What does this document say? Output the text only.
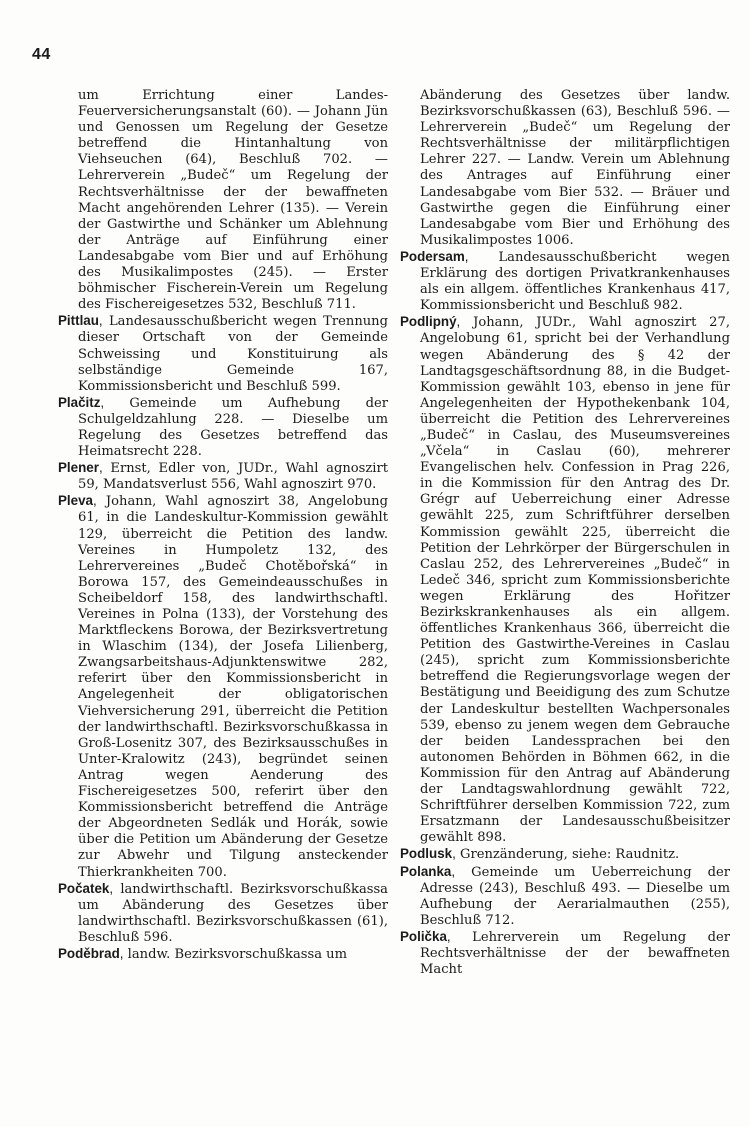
44

um Errichtung einer Landes-Feuerversicherungsanstalt (60). — Johann Jün und Genossen um Regelung der Gesetze betreffend die Hintanhaltung von Viehseuchen (64), Beschluß 702. — Lehrerverein „Budeč“ um Regelung der Rechtsverhältnisse der der bewaffneten Macht angehörenden Lehrer (135). — Verein der Gastwirthe und Schänker um Ablehnung der Anträge auf Einführung einer Landesabgabe vom Bier und auf Erhöhung des Musikalimpostes (245). — Erster böhmischer Fischerein-Verein um Regelung des Fischereigesetzes 532, Beschluß 711.

Pittlau , Landesausschußbericht wegen Trennung dieser Ortschaft von der Gemeinde Schweissing und Konstituirung als selbständige Gemeinde 167, Kommissionsbericht und Beschluß 599.

Plačitz , Gemeinde um Aufhebung der Schulgeldzahlung 228. — Dieselbe um Regelung des Gesetzes betreffend das Heimatsrecht 228.

Plener , Ernst, Edler von, JUDr., Wahl agnoszirt 59, Mandatsverlust 556, Wahl agnoszirt 970.

Pleva , Johann, Wahl agnoszirt 38, Angelobung 61, in die Landeskultur-Kommission gewählt 129, überreicht die Petition des landw. Vereines in Humpoletz 132, des Lehrervereines „Budeč Chotěbořská“ in Borowa 157, des Gemeindeausschußes in Scheibeldorf 158, des landwirthschaftl. Vereines in Polna (133), der Vorstehung des Marktfleckens Borowa, der Bezirksvertretung in Wlaschim (134), der Josefa Lilienberg, Zwangsarbeitshaus-Adjunktenswitwe 282, referirt über den Kommissionsbericht in Angelegenheit der obligatorischen Viehversicherung 291, überreicht die Petition der landwirthschaftl. Bezirksvorschußkassa in Groß-Losenitz 307, des Bezirksausschußes in Unter-Kralowitz (243), begründet seinen Antrag wegen Aenderung des Fischereigesetzes 500, referirt über den Kommissionsbericht betreffend die Anträge der Abgeordneten Sedlák und Horák, sowie über die Petition um Abänderung der Gesetze zur Abwehr und Tilgung ansteckender Thierkrankheiten 700.

Počatek , landwirthschaftl. Bezirksvorschußkassa um Abänderung des Gesetzes über landwirthschaftl. Bezirksvorschußkassen (61), Beschluß 596.

Poděbrad , landw. Bezirksvorschußkassa um

Abänderung des Gesetzes über landw. Bezirksvorschußkassen (63), Beschluß 596. — Lehrerverein „Budeč“ um Regelung der Rechtsverhältnisse der militärpflichtigen Lehrer 227. — Landw. Verein um Ablehnung des Antrages auf Einführung einer Landesabgabe vom Bier 532. — Bräuer und Gastwirthe gegen die Einführung einer Landesabgabe vom Bier und Erhöhung des Musikalimpostes 1006.

Podersam ,	Landesausschußbericht wegen Erklärung des dortigen Privatkrankenhauses als ein allgem. öffentliches Krankenhaus 417, Kommissionsbericht und Beschluß 982.

Podlipný , Johann, JUDr., Wahl agnoszirt 27, Angelobung 61, spricht bei der Verhandlung wegen Abänderung des § 42 der Landtagsgeschäftsordnung 88, in die Budget-Kommission gewählt 103, ebenso in jene für Angelegenheiten der Hypothekenbank 104, überreicht die Petition des Lehrervereines „Budeč“ in Caslau, des Museumsvereines „Včela“ in Caslau (60), mehrerer Evangelischen helv. Confession in Prag 226, in die Kommission für den Antrag des Dr. Grégr auf Ueberreichung einer Adresse gewählt 225, zum Schriftführer derselben Kommission gewählt 225, überreicht die Petition der Lehrkörper der Bürgerschulen in Caslau 252, des Lehrervereines „Budeč“ in Ledeč 346, spricht zum Kommissionsberichte wegen Erklärung des Hořitzer Bezirkskrankenhauses als ein allgem. öffentliches Krankenhaus 366, überreicht die Petition des Gastwirthe-Vereines in Caslau (245), spricht zum Kommissionsberichte betreffend die Regierungsvorlage wegen der Bestätigung und Beeidigung des zum Schutze der Landeskultur bestellten Wachpersonales 539, ebenso zu jenem wegen dem Gebrauche der beiden Landessprachen bei den autonomen Behörden in Böhmen 662, in die Kommission für den Antrag auf Abänderung der Landtagswahlordnung gewählt 722, Schriftführer derselben Kommission 722, zum Ersatzmann der Landesausschußbeisitzer gewählt 898.

Podlusk , Grenzänderung, siehe: Raudnitz.

Polanka , Gemeinde um Ueberreichung der Adresse (243), Beschluß 493. — Dieselbe um Aufhebung der Aerarialmauthen (255), Beschluß 712.

Polička , Lehrerverein um Regelung der Rechtsverhältnisse der der bewaffneten Macht
